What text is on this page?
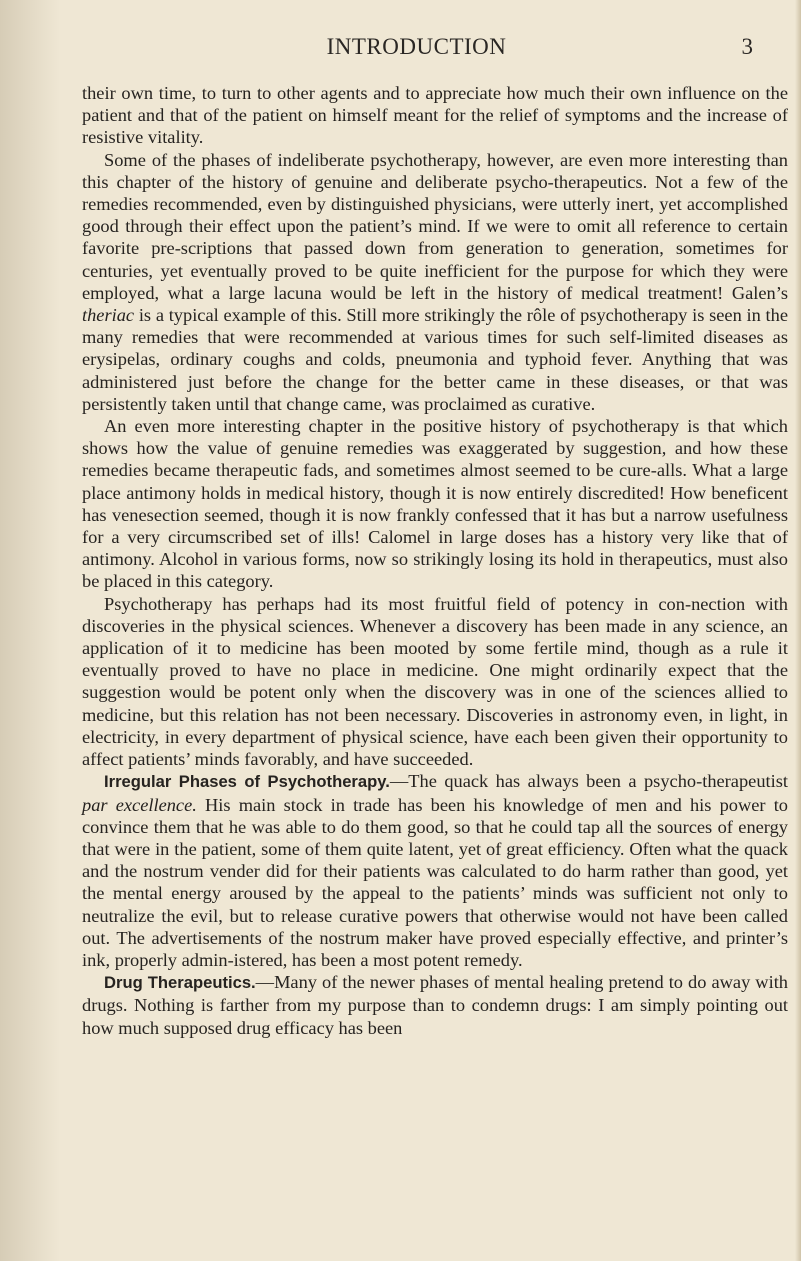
INTRODUCTION	3

their own time, to turn to other agents and to appreciate how much their own influence on the patient and that of the patient on himself meant for the relief of symptoms and the increase of resistive vitality.

Some of the phases of indeliberate psychotherapy, however, are even more interesting than this chapter of the history of genuine and deliberate psycho-therapeutics. Not a few of the remedies recommended, even by distinguished physicians, were utterly inert, yet accomplished good through their effect upon the patient’s mind. If we were to omit all reference to certain favorite pre-scriptions that passed down from generation to generation, sometimes for centuries, yet eventually proved to be quite inefficient for the purpose for which they were employed, what a large lacuna would be left in the history of medical treatment! Galen’s theriac is a typical example of this. Still more strikingly the rôle of psychotherapy is seen in the many remedies that were recommended at various times for such self-limited diseases as erysipelas, ordinary coughs and colds, pneumonia and typhoid fever. Anything that was administered just before the change for the better came in these diseases, or that was persistently taken until that change came, was proclaimed as curative.

An even more interesting chapter in the positive history of psychotherapy is that which shows how the value of genuine remedies was exaggerated by suggestion, and how these remedies became therapeutic fads, and sometimes almost seemed to be cure-alls. What a large place antimony holds in medical history, though it is now entirely discredited! How beneficent has venesection seemed, though it is now frankly confessed that it has but a narrow usefulness for a very circumscribed set of ills! Calomel in large doses has a history very like that of antimony. Alcohol in various forms, now so strikingly losing its hold in therapeutics, must also be placed in this category.

Psychotherapy has perhaps had its most fruitful field of potency in con-nection with discoveries in the physical sciences. Whenever a discovery has been made in any science, an application of it to medicine has been mooted by some fertile mind, though as a rule it eventually proved to have no place in medicine. One might ordinarily expect that the suggestion would be potent only when the discovery was in one of the sciences allied to medicine, but this relation has not been necessary. Discoveries in astronomy even, in light, in electricity, in every department of physical science, have each been given their opportunity to affect patients’ minds favorably, and have succeeded.

Irregular Phases of Psychotherapy.—The quack has always been a psycho-therapeutist par excellence. His main stock in trade has been his knowledge of men and his power to convince them that he was able to do them good, so that he could tap all the sources of energy that were in the patient, some of them quite latent, yet of great efficiency. Often what the quack and the nostrum vender did for their patients was calculated to do harm rather than good, yet the mental energy aroused by the appeal to the patients’ minds was sufficient not only to neutralize the evil, but to release curative powers that otherwise would not have been called out. The advertisements of the nostrum maker have proved especially effective, and printer’s ink, properly admin-istered, has been a most potent remedy.

Drug Therapeutics.—Many of the newer phases of mental healing pretend to do away with drugs. Nothing is farther from my purpose than to condemn drugs: I am simply pointing out how much supposed drug efficacy has been
